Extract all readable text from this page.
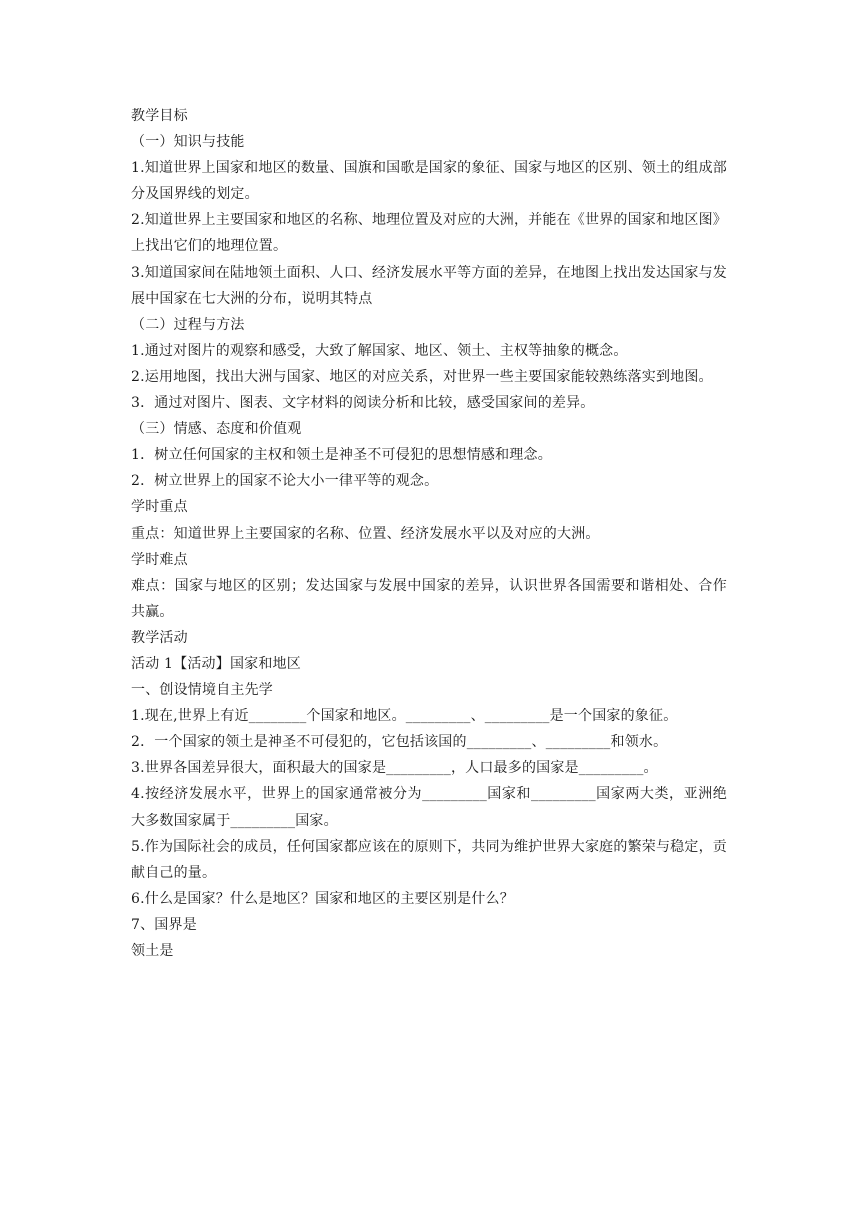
教学目标

（一）知识与技能

1.知道世界上国家和地区的数量、国旗和国歌是国家的象征、国家与地区的区别、领土的组成部分及国界线的划定。

2.知道世界上主要国家和地区的名称、地理位置及对应的大洲，并能在《世界的国家和地区图》上找出它们的地理位置。

3.知道国家间在陆地领土面积、人口、经济发展水平等方面的差异，在地图上找出发达国家与发展中国家在七大洲的分布，说明其特点

（二）过程与方法

1.通过对图片的观察和感受，大致了解国家、地区、领土、主权等抽象的概念。

2.运用地图，找出大洲与国家、地区的对应关系，对世界一些主要国家能较熟练落实到地图。

3．通过对图片、图表、文字材料的阅读分析和比较，感受国家间的差异。

（三）情感、态度和价值观

1．树立任何国家的主权和领土是神圣不可侵犯的思想情感和理念。

2．树立世界上的国家不论大小一律平等的观念。

学时重点

重点：知道世界上主要国家的名称、位置、经济发展水平以及对应的大洲。

学时难点

难点：国家与地区的区别；发达国家与发展中国家的差异，认识世界各国需要和谐相处、合作共赢。

教学活动

活动 1【活动】国家和地区

一、创设情境自主先学

1.现在,世界上有近________个国家和地区。_________、_________是一个国家的象征。

2．一个国家的领土是神圣不可侵犯的，它包括该国的_________、_________和领水。

3.世界各国差异很大，面积最大的国家是_________，人口最多的国家是_________。

4.按经济发展水平，世界上的国家通常被分为_________国家和_________国家两大类，亚洲绝大多数国家属于_________国家。

5.作为国际社会的成员，任何国家都应该在的原则下，共同为维护世界大家庭的繁荣与稳定，贡献自己的量。

6.什么是国家？什么是地区？国家和地区的主要区别是什么？

7、国界是

领土是
